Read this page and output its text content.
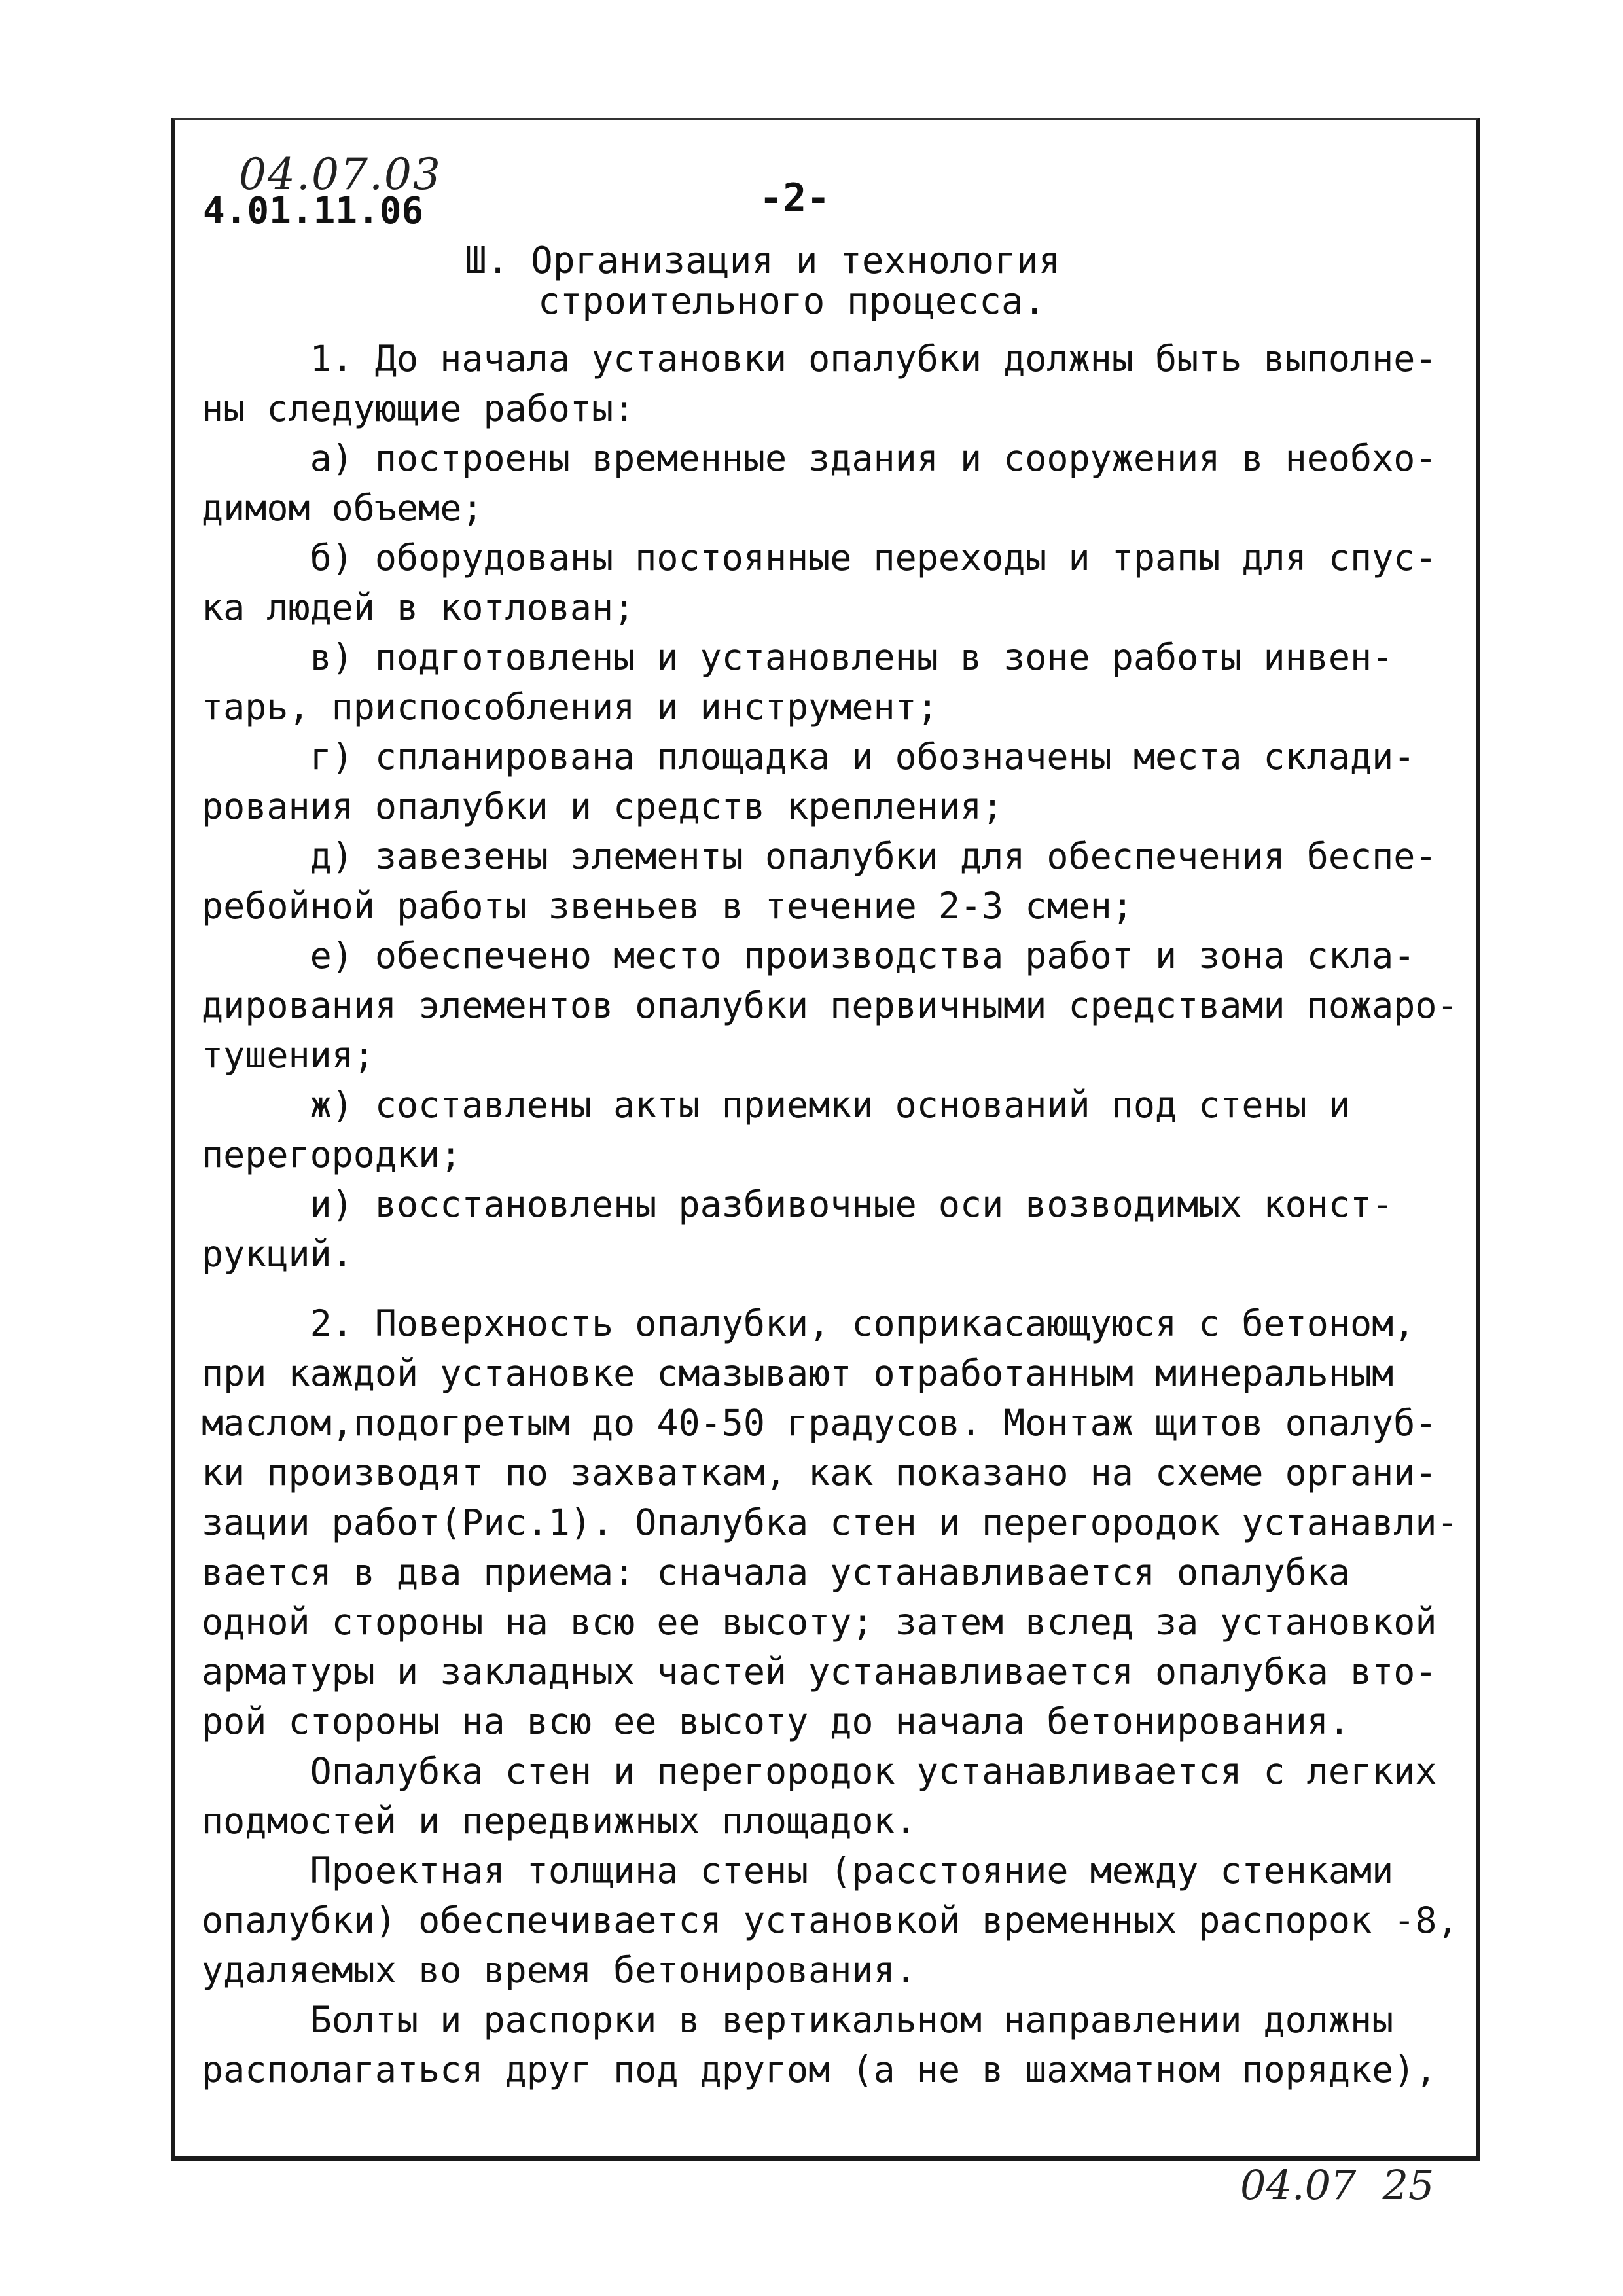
04.07.03
4.01.11.06	-2-
Ш. Организация и технология
строительного процесса.

1. До начала установки опалубки должны быть выполне-
ны следующие работы:

а) построены временные здания и сооружения в необхо-
димом объеме;

б) оборудованы постоянные переходы и трапы для спус-
ка людей в котлован;

в) подготовлены и установлены в зоне работы инвен-
тарь, приспособления и инструмент;

г) спланирована площадка и обозначены места склади-
рования опалубки и средств крепления;

д) завезены элементы опалубки для обеспечения беспе-
ребойной работы звеньев в течение 2-3 смен;

е) обеспечено место производства работ и зона скла-
дирования элементов опалубки первичными средствами пожаро-
тушения;

ж) составлены акты приемки оснований под стены и
перегородки;

и) восстановлены разбивочные оси возводимых конст-
рукций.

2. Поверхность опалубки, соприкасающуюся с бетоном,
при каждой установке смазывают отработанным минеральным
маслом,подогретым до 40-50 градусов. Монтаж щитов опалуб-
ки производят по захваткам, как показано на схеме органи-
зации работ(Рис.1). Опалубка стен и перегородок устанавли-
вается в два приема: сначала устанавливается опалубка
одной стороны на всю ее высоту; затем вслед за установкой
арматуры и закладных частей устанавливается опалубка вто-
рой стороны на всю ее высоту до начала бетонирования.

Опалубка стен и перегородок устанавливается с легких
подмостей и передвижных площадок.

Проектная толщина стены (расстояние между стенками
опалубки) обеспечивается установкой временных распорок -8,
удаляемых во время бетонирования.

Болты и распорки в вертикальном направлении должны
располагаться друг под другом (а не в шахматном порядке),

04.07 25
